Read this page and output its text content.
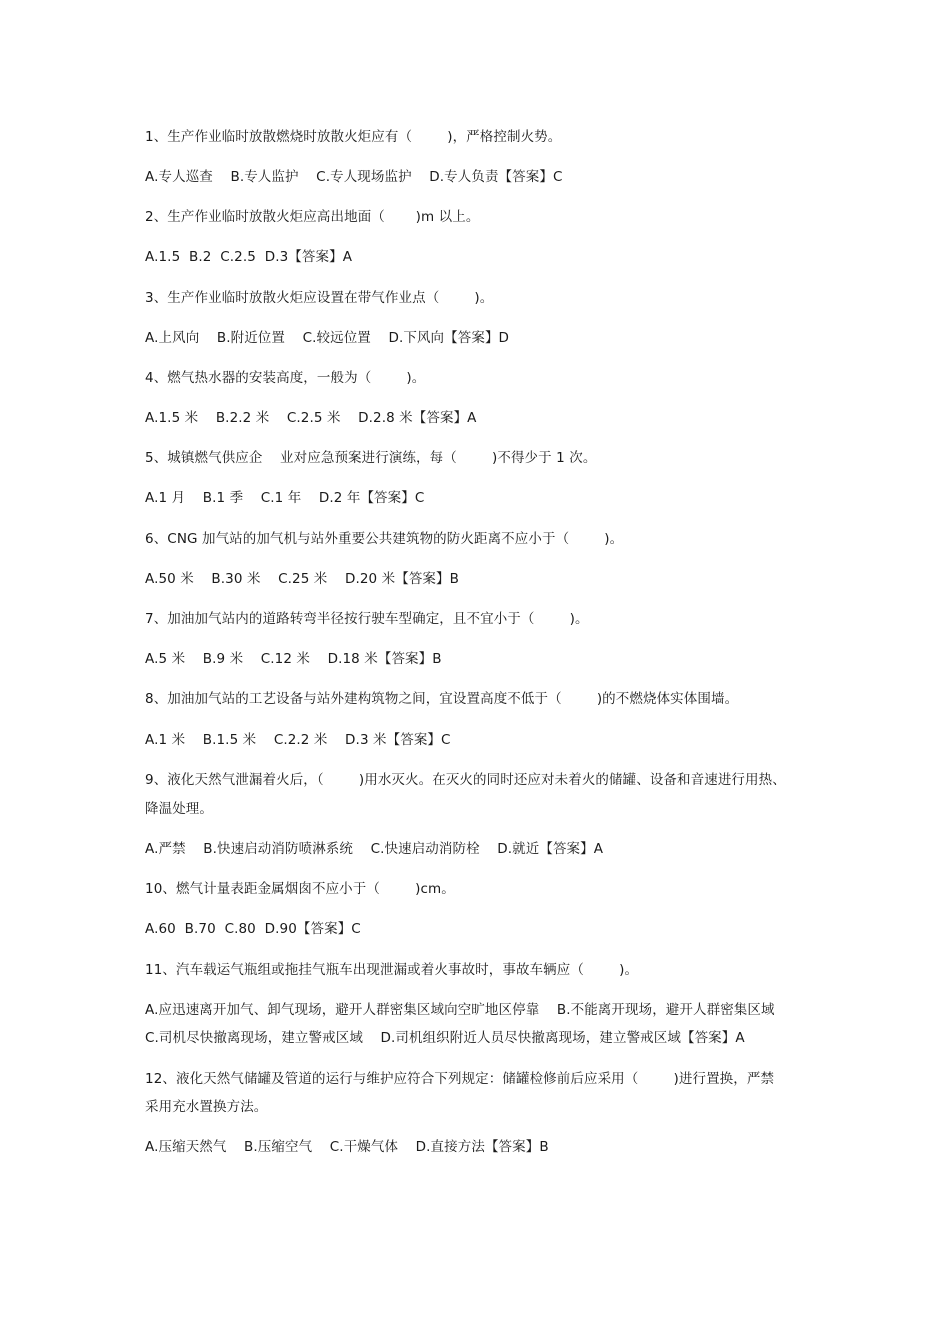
1、生产作业临时放散燃烧时放散火炬应有（        )，严格控制火势。
A.专人巡查    B.专人监护    C.专人现场监护    D.专人负责【答案】C
2、生产作业临时放散火炬应高出地面（       )m 以上。
A.1.5  B.2  C.2.5  D.3【答案】A
3、生产作业临时放散火炬应设置在带气作业点（        )。
A.上风向    B.附近位置    C.较远位置    D.下风向【答案】D
4、燃气热水器的安装高度，一般为（        )。
A.1.5 米    B.2.2 米    C.2.5 米    D.2.8 米【答案】A
5、城镇燃气供应企    业对应急预案进行演练，每（        )不得少于 1 次。
A.1 月    B.1 季    C.1 年    D.2 年【答案】C
6、CNG 加气站的加气机与站外重要公共建筑物的防火距离不应小于（        )。
A.50 米    B.30 米    C.25 米    D.20 米【答案】B
7、加油加气站内的道路转弯半径按行驶车型确定，且不宜小于（        )。
A.5 米    B.9 米    C.12 米    D.18 米【答案】B
8、加油加气站的工艺设备与站外建构筑物之间，宜设置高度不低于（        )的不燃烧体实体围墙。
A.1 米    B.1.5 米    C.2.2 米    D.3 米【答案】C
9、液化天然气泄漏着火后，（        )用水灭火。在灭火的同时还应对未着火的储罐、设备和音速进行用热、
降温处理。
A.严禁    B.快速启动消防喷淋系统    C.快速启动消防栓    D.就近【答案】A
10、燃气计量表距金属烟囱不应小于（        )cm。
A.60  B.70  C.80  D.90【答案】C
11、汽车载运气瓶组或拖挂气瓶车出现泄漏或着火事故时，事故车辆应（        )。
A.应迅速离开加气、卸气现场，避开人群密集区域向空旷地区停靠    B.不能离开现场，避开人群密集区域
C.司机尽快撤离现场，建立警戒区域    D.司机组织附近人员尽快撤离现场，建立警戒区域【答案】A
12、液化天然气储罐及管道的运行与维护应符合下列规定：储罐检修前后应采用（        )进行置换，严禁
采用充水置换方法。
A.压缩天然气    B.压缩空气    C.干燥气体    D.直接方法【答案】B
